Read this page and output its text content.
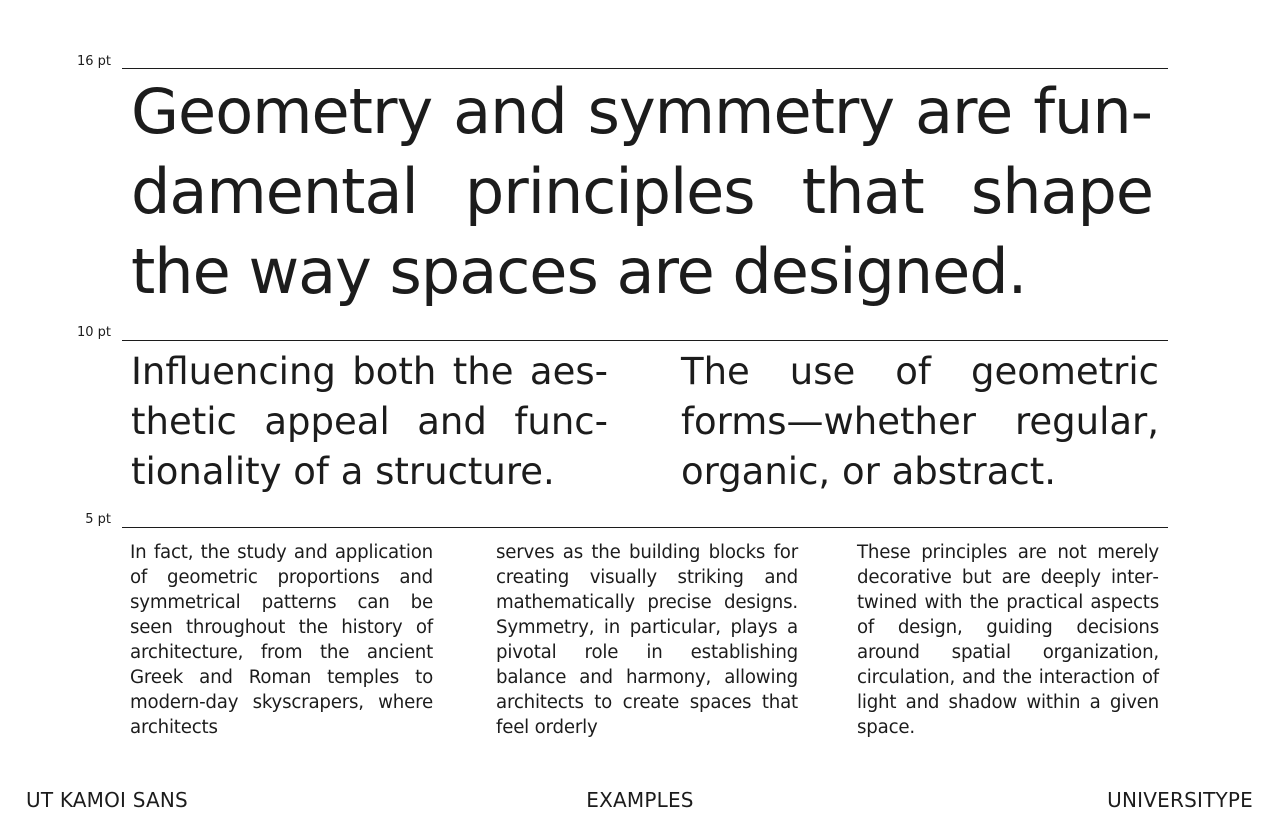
16 pt

Geometry and symmetry are fundamental principles that shape the way spaces are designed.

10 pt

Influencing both the aesthetic appeal and functionality of a structure.

The use of geometric forms—whether regular, organic, or abstract.

5 pt

In fact, the study and application of geometric proportions and symmetrical patterns can be seen throughout the history of architecture, from the ancient Greek and Roman temples to modern-day skyscrapers, where architects

serves as the building blocks for creating visually striking and mathematically precise designs. Symmetry, in particular, plays a pivotal role in establishing balance and harmony, allowing architects to create spaces that feel orderly

These principles are not merely decorative but are deeply intertwined with the practical aspects of design, guiding decisions around spatial organization, circulation, and the interaction of light and shadow within a given space.

UT KAMOI SANS	EXAMPLES	UNIVERSITYPE
